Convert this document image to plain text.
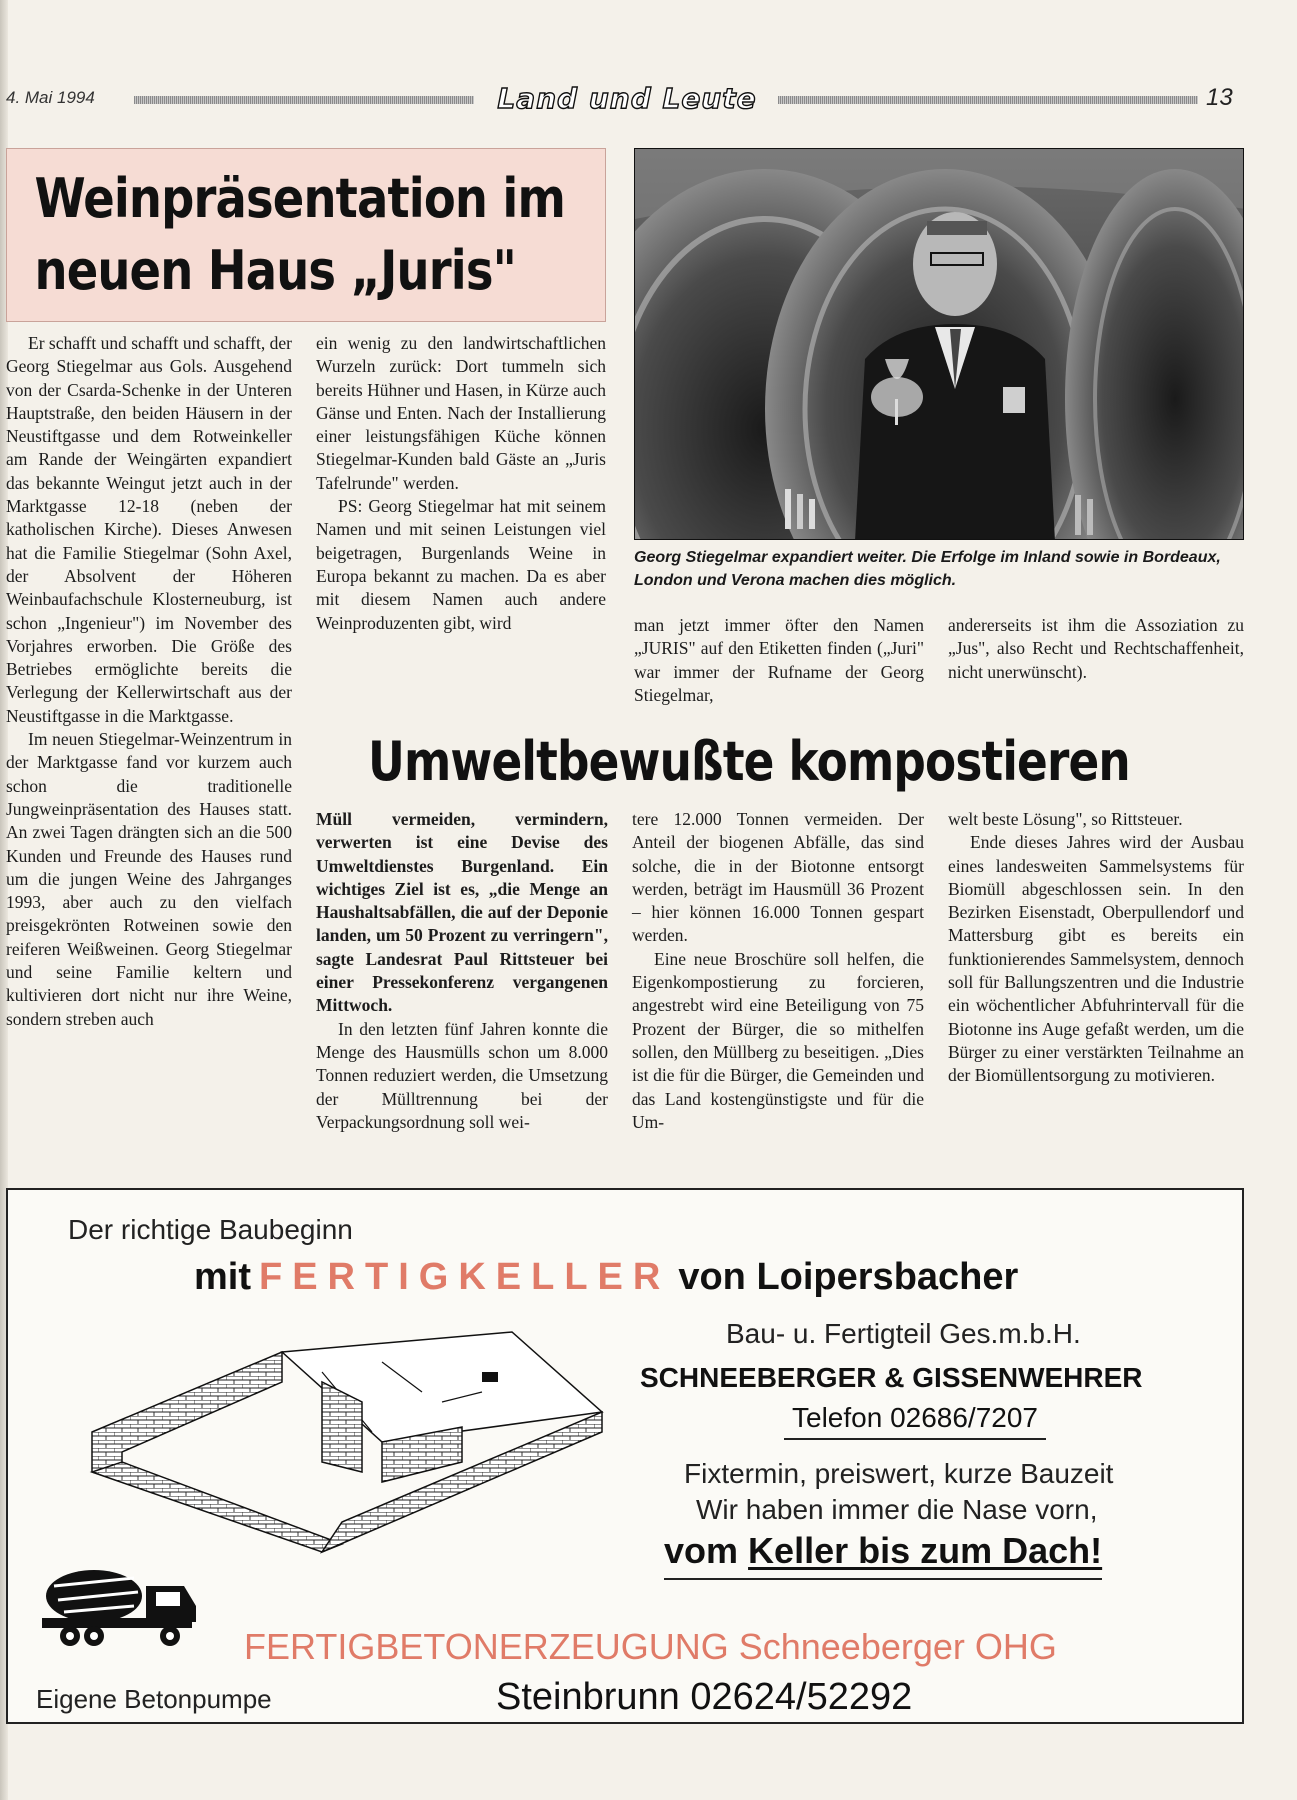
4. Mai 1994	Land und Leute	13
Weinpräsentation im
neuen Haus „Juris"
Georg Stiegelmar expandiert weiter. Die Erfolge im Inland sowie in Bordeaux, London und Verona machen dies möglich.

Er schafft und schafft und schafft, der Georg Stiegelmar aus Gols. Ausgehend von der Csarda-Schenke in der Unteren Hauptstraße, den beiden Häusern in der Neustiftgasse und dem Rotweinkeller am Rande der Weingärten expandiert das bekannte Weingut jetzt auch in der Marktgasse 12-18 (neben der katholischen Kirche). Dieses Anwesen hat die Familie Stiegelmar (Sohn Axel, der Absolvent der Höheren Weinbaufachschule Klosterneuburg, ist schon „Ingenieur") im November des Vorjahres erworben. Die Größe des Betriebes ermöglichte bereits die Verlegung der Kellerwirtschaft aus der Neustiftgasse in die Marktgasse.

Im neuen Stiegelmar-Weinzentrum in der Marktgasse fand vor kurzem auch schon die traditionelle Jungweinpräsentation des Hauses statt. An zwei Tagen drängten sich an die 500 Kunden und Freunde des Hauses rund um die jungen Weine des Jahrganges 1993, aber auch zu den vielfach preisgekrönten Rotweinen sowie den reiferen Weißweinen. Georg Stiegelmar und seine Familie keltern und kultivieren dort nicht nur ihre Weine, sondern streben auch

ein wenig zu den landwirtschaftlichen Wurzeln zurück: Dort tummeln sich bereits Hühner und Hasen, in Kürze auch Gänse und Enten. Nach der Installierung einer leistungsfähigen Küche können Stiegelmar-Kunden bald Gäste an „Juris Tafelrunde" werden.

PS: Georg Stiegelmar hat mit seinem Namen und mit seinen Leistungen viel beigetragen, Burgenlands Weine in Europa bekannt zu machen. Da es aber mit diesem Namen auch andere Weinproduzenten gibt, wird	man jetzt immer öfter den Namen „JURIS" auf den Etiketten finden („Juri" war immer der Rufname der Georg Stiegelmar,

andererseits ist ihm die Assoziation zu „Jus", also Recht und Rechtschaffenheit, nicht unerwünscht).

Umweltbewußte kompostieren

Müll vermeiden, vermindern, verwerten ist eine Devise des Umweltdienstes Burgenland. Ein wichtiges Ziel ist es, „die Menge an Haushaltsabfällen, die auf der Deponie landen, um 50 Prozent zu verringern", sagte Landesrat Paul Rittsteuer bei einer Pressekonferenz vergangenen Mittwoch.

In den letzten fünf Jahren konnte die Menge des Hausmülls schon um 8.000 Tonnen reduziert werden, die Umsetzung der Mülltrennung bei der Verpackungsordnung soll wei-

tere 12.000 Tonnen vermeiden. Der Anteil der biogenen Abfälle, das sind solche, die in der Biotonne entsorgt werden, beträgt im Hausmüll 36 Prozent – hier können 16.000 Tonnen gespart werden.

Eine neue Broschüre soll helfen, die Eigenkompostierung zu forcieren, angestrebt wird eine Beteiligung von 75 Prozent der Bürger, die so mithelfen sollen, den Müllberg zu beseitigen. „Dies ist die für die Bürger, die Gemeinden und das Land kostengünstigste und für die Um-

welt beste Lösung", so Rittsteuer.

Ende dieses Jahres wird der Ausbau eines landesweiten Sammelsystems für Biomüll abgeschlossen sein. In den Bezirken Eisenstadt, Oberpullendorf und Mattersburg gibt es bereits ein funktionierendes Sammelsystem, dennoch soll für Ballungszentren und die Industrie ein wöchentlicher Abfuhrintervall für die Biotonne ins Auge gefaßt werden, um die Bürger zu einer verstärkten Teilnahme an der Biomüllentsorgung zu motivieren.

Der richtige Baubeginn
mit FERTIGKELLER von Loipersbacher
Bau- u. Fertigteil Ges.m.b.H.
SCHNEEBERGER & GISSENWEHRER
Telefon 02686/7207
Fixtermin, preiswert, kurze Bauzeit
Wir haben immer die Nase vorn,
vom Keller bis zum Dach!
FERTIGBETONERZEUGUNG Schneeberger OHG
Eigene Betonpumpe	Steinbrunn 02624/52292
